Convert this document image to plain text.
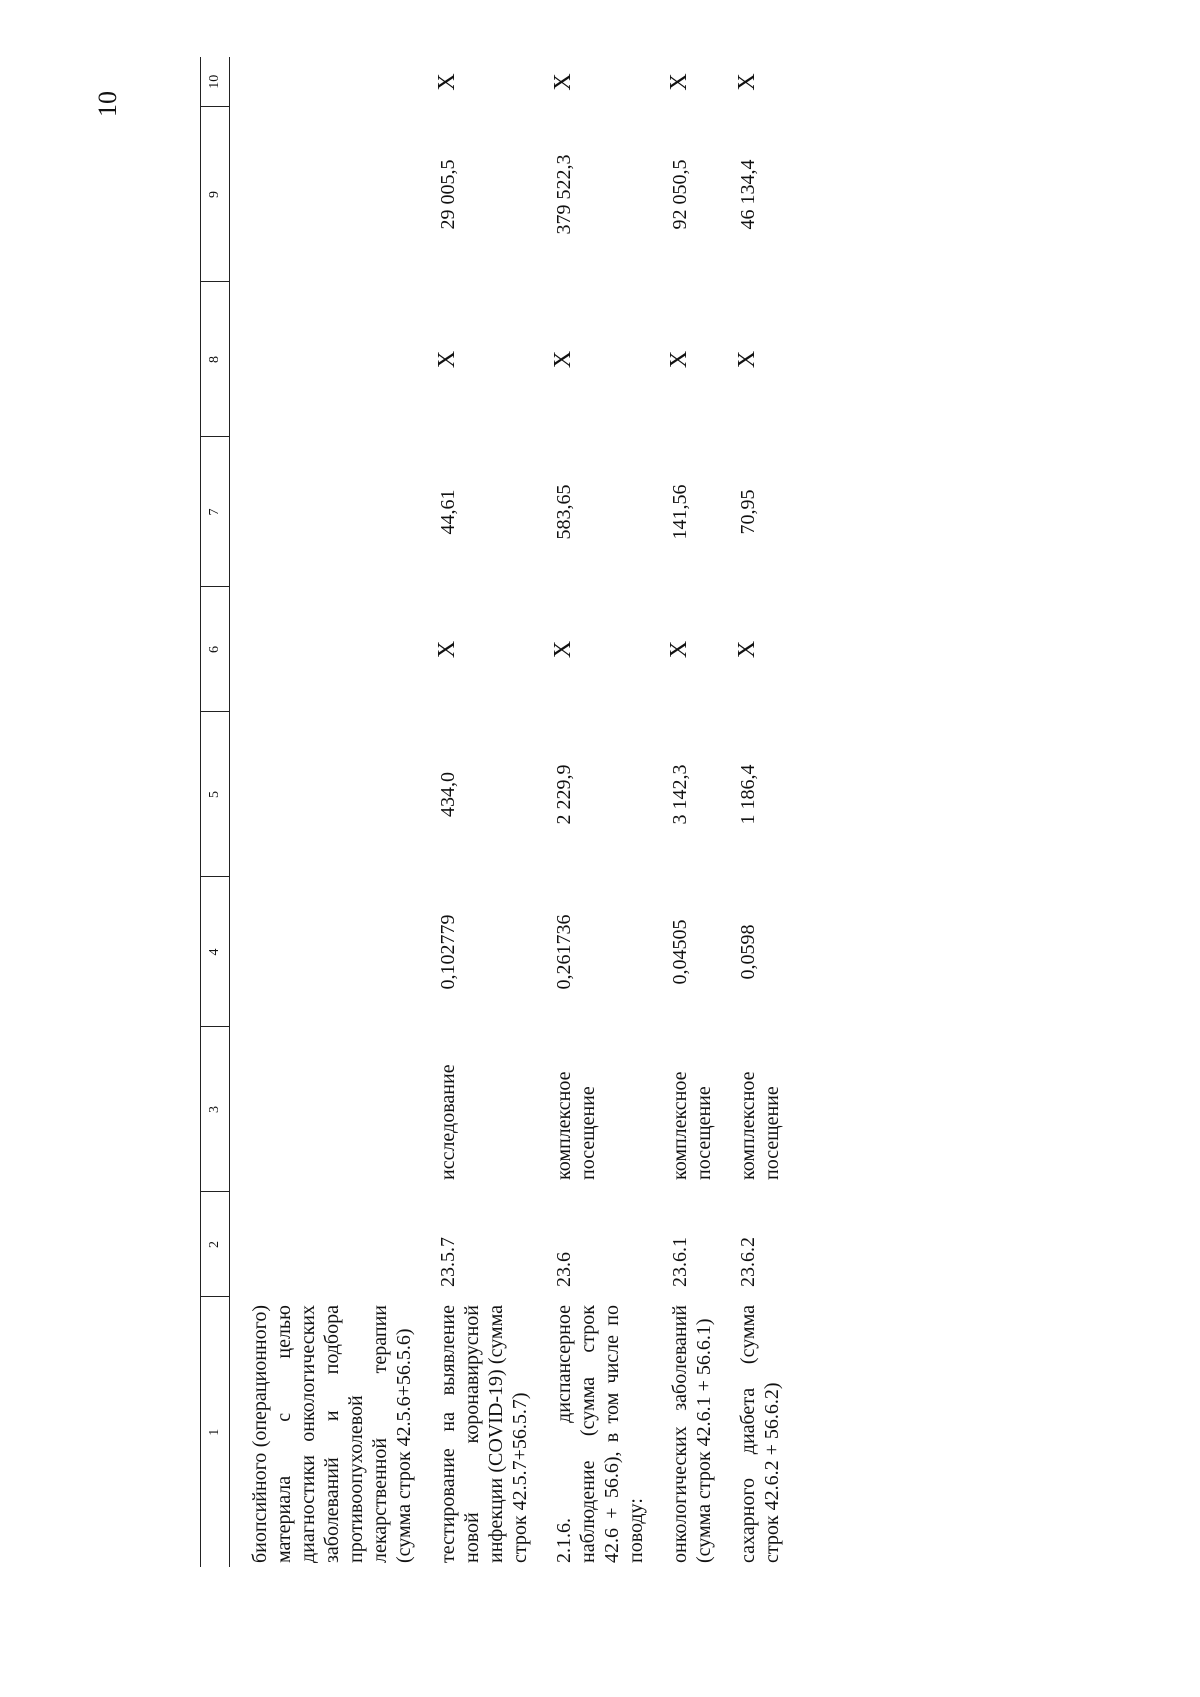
10
1	2	3	4	5	6	7	8	9	10
биопсийного (операционного) материала с целью диагностики онкологических заболеваний и подбора противоопухолевой лекарственной терапии (сумма строк 42.5.6+56.5.6)									
тестирование на выявление новой коронавирусной инфекции (COVID-19) (сумма строк 42.5.7+56.5.7)	23.5.7	исследование	0,102779	434,0	Х	44,61	Х	29 005,5	Х
2.1.6. диспансерное наблюдение (сумма строк 42.6 + 56.6), в том числе по поводу:	23.6	комплексное посещение	0,261736	2 229,9	Х	583,65	Х	379 522,3	Х
онкологических заболеваний (сумма строк 42.6.1 + 56.6.1)	23.6.1	комплексное посещение	0,04505	3 142,3	Х	141,56	Х	92 050,5	Х
сахарного диабета (сумма строк 42.6.2 + 56.6.2)	23.6.2	комплексное посещение	0,0598	1 186,4	Х	70,95	Х	46 134,4	Х
